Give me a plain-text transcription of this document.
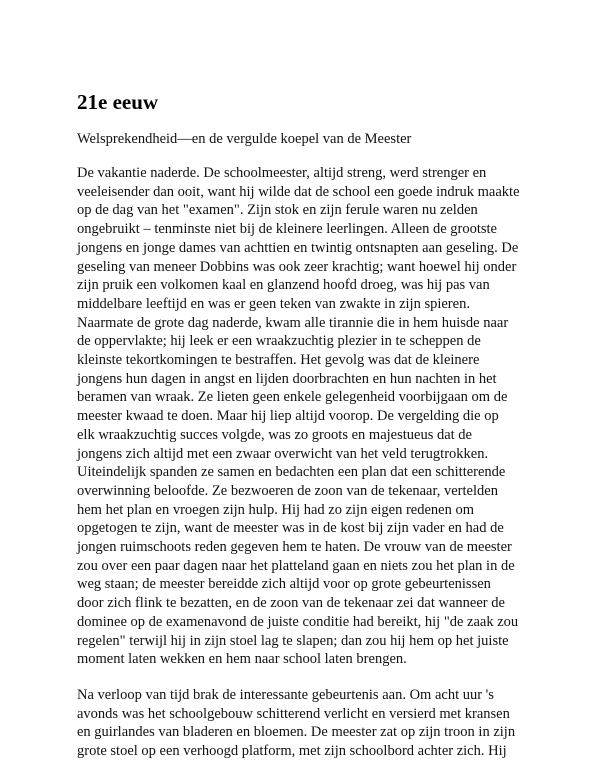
21e eeuw
Welsprekendheid—en de vergulde koepel van de Meester

De vakantie naderde. De schoolmeester, altijd streng, werd strenger en
veeleisender dan ooit, want hij wilde dat de school een goede indruk maakte
op de dag van het "examen". Zijn stok en zijn ferule waren nu zelden
ongebruikt – tenminste niet bij de kleinere leerlingen. Alleen de grootste
jongens en jonge dames van achttien en twintig ontsnapten aan geseling. De
geseling van meneer Dobbins was ook zeer krachtig; want hoewel hij onder
zijn pruik een volkomen kaal en glanzend hoofd droeg, was hij pas van
middelbare leeftijd en was er geen teken van zwakte in zijn spieren.
Naarmate de grote dag naderde, kwam alle tirannie die in hem huisde naar
de oppervlakte; hij leek er een wraakzuchtig plezier in te scheppen de
kleinste tekortkomingen te bestraffen. Het gevolg was dat de kleinere
jongens hun dagen in angst en lijden doorbrachten en hun nachten in het
beramen van wraak. Ze lieten geen enkele gelegenheid voorbijgaan om de
meester kwaad te doen. Maar hij liep altijd voorop. De vergelding die op
elk wraakzuchtig succes volgde, was zo groots en majestueus dat de
jongens zich altijd met een zwaar overwicht van het veld terugtrokken.
Uiteindelijk spanden ze samen en bedachten een plan dat een schitterende
overwinning beloofde. Ze bezwoeren de zoon van de tekenaar, vertelden
hem het plan en vroegen zijn hulp. Hij had zo zijn eigen redenen om
opgetogen te zijn, want de meester was in de kost bij zijn vader en had de
jongen ruimschoots reden gegeven hem te haten. De vrouw van de meester
zou over een paar dagen naar het platteland gaan en niets zou het plan in de
weg staan; de meester bereidde zich altijd voor op grote gebeurtenissen
door zich flink te bezatten, en de zoon van de tekenaar zei dat wanneer de
dominee op de examenavond de juiste conditie had bereikt, hij "de zaak zou
regelen" terwijl hij in zijn stoel lag te slapen; dan zou hij hem op het juiste
moment laten wekken en hem naar school laten brengen.

Na verloop van tijd brak de interessante gebeurtenis aan. Om acht uur 's
avonds was het schoolgebouw schitterend verlicht en versierd met kransen
en guirlandes van bladeren en bloemen. De meester zat op zijn troon in zijn
grote stoel op een verhoogd platform, met zijn schoolbord achter zich. Hij
